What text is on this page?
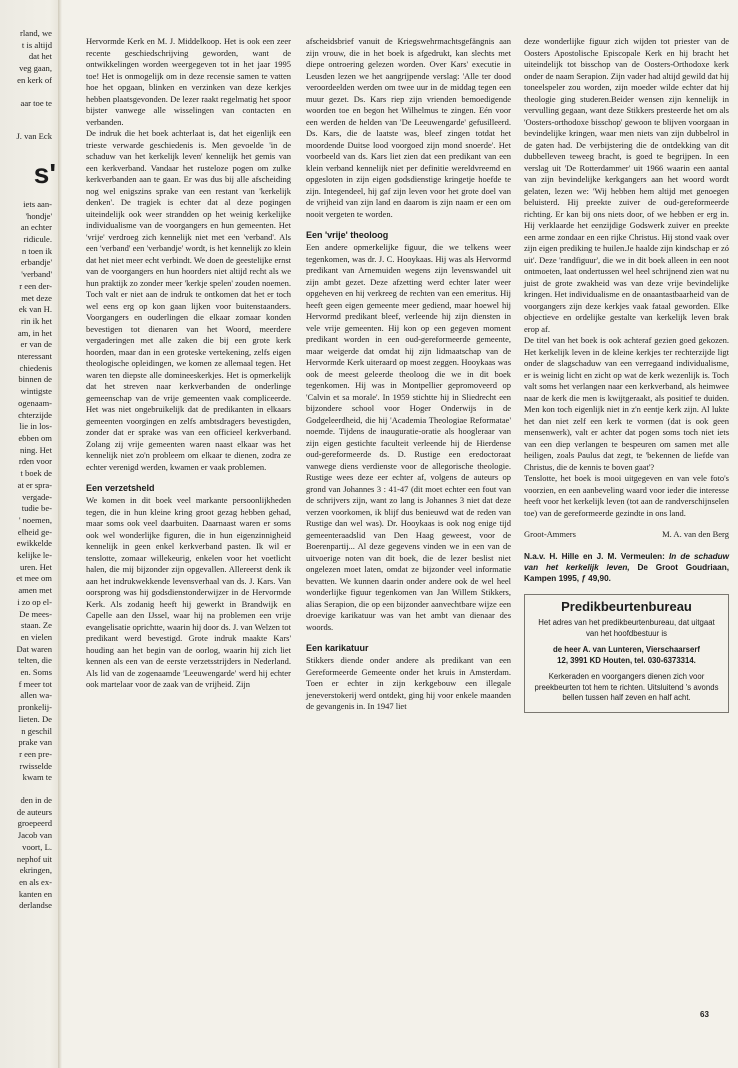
rland, we
t is altijd
dat het
veg gaan,
en kerk of
aar toe te
J. van Eck
s'
iets aan-
'hondje'
an echter
ridicule.
n toen ik
erbandje'
'verband'
r een der-
met deze
ek van H.
rin ik het
am, in het
er van de
nteressant
chiedenis
binnen de
wintigste
ogenaam-
chterzijde
lie in los-
ebben om
ning. Het
rden voor
t boek de
at er spra-
vergade-
tudie be-
' noemen,
elheid ge-
ewikkelde
kelijke le-
uren. Het
et mee om
amen met
i zo op el-
De mees-
staan. Ze
en vielen
Dat waren
telten, die
en. Soms
f meer tot
allen wa-
pronkelij-
lieten. De
n geschil
prake van
r een pre-
rwisselde
kwam te
den in de
de auteurs
groepeerd
Jacob van
voort, L.
nephof uit
ekringen,
en als ex-
kanten en
derlandse

Hervormde Kerk en M. J. Middelkoop. Het is ook een zeer recente geschiedschrijving geworden, want de ontwikkelingen worden weergegeven tot in het jaar 1995 toe! Het is onmogelijk om in deze recensie samen te vatten hoe het opgaan, blinken en verzinken van deze kerkjes hebben plaatsgevonden. De lezer raakt regelmatig het spoor bijster vanwege alle wisselingen van contacten en verbanden.

De indruk die het boek achterlaat is, dat het eigenlijk een trieste verwarde geschiedenis is. Men gevoelde 'in de schaduw van het kerkelijk leven' kennelijk het gemis van een kerkverband. Vandaar het rusteloze pogen om zulke kerkverbanden aan te gaan. Er was dus bij alle afscheiding nog wel enigszins sprake van een restant van 'kerkelijk denken'. De tragiek is echter dat al deze pogingen uiteindelijk ook weer strandden op het weinig kerkelijke individualisme van de voorgangers en hun gemeenten. Het 'vrije' verdroeg zich kennelijk niet met een 'verband'. Als een 'verband' een 'verbandje' wordt, is het kennelijk zo klein dat het niet meer echt verbindt. We doen de geestelijke ernst van de voorgangers en hun hoorders niet altijd recht als we hun praktijk zo zonder meer 'kerkje spelen' zouden noemen. Toch valt er niet aan de indruk te ontkomen dat het er toch wel eens erg op kon gaan lijken voor buitenstaanders. Voorgangers en ouderlingen die elkaar zomaar konden bevestigen tot dienaren van het Woord, meerdere vergaderingen met alle zaken die bij een grote kerk hoorden, maar dan in een groteske vertekening, zelfs eigen theologische opleidingen, we komen ze allemaal tegen. Het waren ten diepste alle domineeskerkjes. Het is opmerkelijk dat het streven naar kerkverbanden de onderlinge gemeenschap van de vrije gemeenten vaak compliceerde. Het was niet ongebruikelijk dat de predikanten in elkaars gemeenten voorgingen en zelfs ambtsdragers bevestigden, zonder dat er sprake was van een officieel kerkverband. Zolang zij vrije gemeenten waren naast elkaar was het kennelijk niet zo'n probleem om elkaar te dienen, zodra ze echter verenigd werden, kwamen er vaak problemen.

Een verzetsheld

We komen in dit boek veel markante persoonlijkheden tegen, die in hun kleine kring groot gezag hebben gehad, maar soms ook veel daarbuiten. Daarnaast waren er soms ook wel wonderlijke figuren, die in hun eigenzinnigheid kennelijk in geen enkel kerkverband pasten. Ik wil er tenslotte, zomaar willekeurig, enkelen voor het voetlicht halen, die mij bijzonder zijn opgevallen. Allereerst denk ik aan het indrukwekkende levensverhaal van ds. J. Kars. Van oorsprong was hij godsdienstonderwijzer in de Hervormde Kerk. Als zodanig heeft hij gewerkt in Brandwijk en Capelle aan den IJssel, waar hij na problemen een vrije evangelisatie oprichtte, waarin hij door ds. J. van Welzen tot predikant werd bevestigd. Grote indruk maakte Kars' houding aan het begin van de oorlog, waarin hij zich liet kennen als een van de eerste verzetsstrijders in Nederland. Als lid van de zogenaamde 'Leeuwengarde' werd hij echter ook martelaar voor de zaak van de vrijheid. Zijn

afscheidsbrief vanuit de Kriegswehrmachtsgefängnis aan zijn vrouw, die in het boek is afgedrukt, kan slechts met diepe ontroering gelezen worden. Over Kars' executie in Leusden lezen we het aangrijpende verslag: 'Alle ter dood veroordeelden werden om twee uur in de middag tegen een muur gezet. Ds. Kars riep zijn vrienden bemoedigende woorden toe en begon het Wilhelmus te zingen. Eén voor een werden de helden van 'De Leeuwengarde' gefusilleerd. Ds. Kars, die de laatste was, bleef zingen totdat het moordende Duitse lood voorgoed zijn mond snoerde'. Het voorbeeld van ds. Kars liet zien dat een predikant van een klein verband kennelijk niet per definitie wereldvreemd en opgesloten in zijn eigen godsdienstige kringetje hoefde te zijn. Integendeel, hij gaf zijn leven voor het grote doel van de vrijheid van zijn land en daarom is zijn naam er een om nooit vergeten te worden.

Een 'vrije' theoloog

Een andere opmerkelijke figuur, die we telkens weer tegenkomen, was dr. J. C. Hooykaas. Hij was als Hervormd predikant van Arnemuiden wegens zijn levenswandel uit zijn ambt gezet. Deze afzetting werd echter later weer opgeheven en hij verkreeg de rechten van een emeritus. Hij heeft geen eigen gemeente meer gediend, maar hoewel hij Hervormd predikant bleef, verleende hij zijn diensten in vele vrije gemeenten. Hij kon op een gegeven moment predikant worden in een oud-gereformeerde gemeente, maar weigerde dat omdat hij zijn lidmaatschap van de Hervormde Kerk uiteraard op moest zeggen. Hooykaas was ook de meest geleerde theoloog die we in dit boek tegenkomen. Hij was in Montpellier gepromoveerd op 'Calvin et sa morale'. In 1959 stichtte hij in Sliedrecht een bijzondere school voor Hoger Onderwijs in de Godgeleerdheid, die hij 'Academia Theologiae Reformatae' noemde. Tijdens de inauguratie-oratie als hoogleraar van zijn eigen gestichte faculteit verleende hij de Hierdense oud-gereformeerde ds. D. Rustige een eredoctoraat vanwege diens verdienste voor de allegorische theologie. Rustige wees deze eer echter af, volgens de auteurs op grond van Johannes 3 : 41-47 (dit moet echter een fout van de schrijvers zijn, want zo lang is Johannes 3 niet dat deze verzen voorkomen, ik blijf dus benieuwd wat de reden van Rustige dan wel was). Dr. Hooykaas is ook nog enige tijd gemeenteraadslid van Den Haag geweest, voor de Boerenpartij... Al deze gegevens vinden we in een van de uitvoerige noten van dit boek, die de lezer beslist niet ongelezen moet laten, omdat ze bijzonder veel informatie bevatten. We kunnen daarin onder andere ook de wel heel wonderlijke figuur tegenkomen van Jan Willem Stikkers, alias Serapion, die op een bijzonder aanvechtbare wijze een droevige karikatuur was van het ambt van dienaar des woords.

Een karikatuur

Stikkers diende onder andere als predikant van een Gereformeerde Gemeente onder het kruis in Amsterdam. Toen er echter in zijn kerkgebouw een illegale jeneverstokerij werd ontdekt, ging hij voor enkele maanden de gevangenis in. In 1947 liet

deze wonderlijke figuur zich wijden tot priester van de Oosters Apostolische Episcopale Kerk en hij bracht het uiteindelijk tot bisschop van de Oosters-Orthodoxe kerk onder de naam Serapion. Zijn vader had altijd gewild dat hij toneelspeler zou worden, zijn moeder wilde echter dat hij theologie ging studeren.Beider wensen zijn kennelijk in vervulling gegaan, want deze Stikkers presteerde het om als 'Oosters-orthodoxe bisschop' gewoon te blijven voorgaan in bevindelijke kringen, waar men niets van zijn dubbelrol in de gaten had. De verbijstering die de ontdekking van dit dubbelleven teweeg bracht, is goed te begrijpen. In een verslag uit 'De Rotterdammer' uit 1966 waarin een aantal van zijn bevindelijke kerkgangers aan het woord wordt gelaten, lezen we: 'Wij hebben hem altijd met genoegen beluisterd. Hij preekte zuiver de oud-gereformeerde richting. Er kan bij ons niets door, of we hebben er erg in. Hij verklaarde het eenzijdige Godswerk zuiver en preekte een arme zondaar en een rijke Christus. Hij stond vaak over zijn eigen prediking te huilen.Je haalde zijn kindschap er zó uit'. Deze 'randfiguur', die we in dit boek alleen in een noot ontmoeten, laat ondertussen wel heel schrijnend zien wat nu juist de grote zwakheid was van deze vrije bevindelijke kringen. Het individualisme en de onaantastbaarheid van de voorgangers zijn deze kerkjes vaak fataal geworden. Elke objectieve en ordelijke gestalte van kerkelijk leven brak erop af.

De titel van het boek is ook achteraf gezien goed gekozen. Het kerkelijk leven in de kleine kerkjes ter rechterzijde ligt onder de slagschaduw van een verregaand individualisme, er is weinig licht en zicht op wat de kerk wezenlijk is. Toch valt soms het verlangen naar een kerkverband, als heimwee naar de kerk die men is kwijtgeraakt, als positief te duiden. Men kon toch eigenlijk niet in z'n eentje kerk zijn. Al lukte het dan niet zelf een kerk te vormen (dat is ook geen mensenwerk), valt er achter dat pogen soms toch niet iets van een diep verlangen te bespeuren om samen met alle heiligen, zoals Paulus dat zegt, te 'bekennen de liefde van Christus, die de kennis te boven gaat'?

Tenslotte, het boek is mooi uitgegeven en van vele foto's voorzien, en een aanbeveling waard voor ieder die interesse heeft voor het kerkelijk leven (tot aan de randverschijnselen toe) van de gereformeerde gezindte in ons land.

Groot-Ammers	M. A. van den Berg
N.a.v. H. Hille en J. M. Vermeulen: In de schaduw van het kerkelijk leven, De Groot Goudriaan, Kampen 1995, ƒ 49,90.
Predikbeurtenbureau
Het adres van het predikbeurtenbureau, dat uitgaat van het hoofdbestuur is
de heer A. van Lunteren, Vierschaarserf
12, 3991 KD Houten, tel. 030-6373314.
Kerkeraden en voorgangers dienen zich voor preekbeurten tot hem te richten. Uitsluitend 's avonds bellen tussen half zeven en half acht.
63
